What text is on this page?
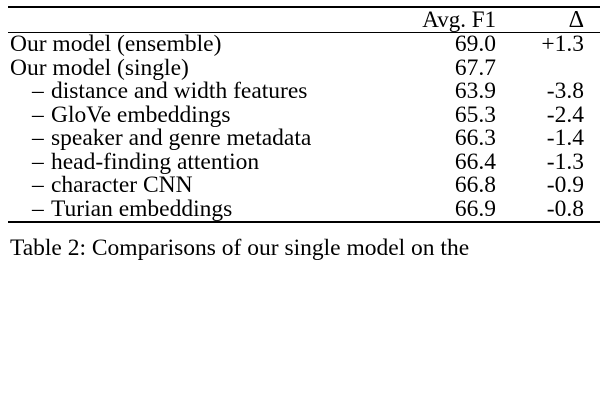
	Avg. F1	Δ

Our model (ensemble)	69.0	+1.3
Our model (single)	67.7	
– distance and width features	63.9	-3.8
– GloVe embeddings	65.3	-2.4
– speaker and genre metadata	66.3	-1.4
– head-finding attention	66.4	-1.3
– character CNN	66.8	-0.9
– Turian embeddings	66.9	-0.8

Table 2: Comparisons of our single model on the
